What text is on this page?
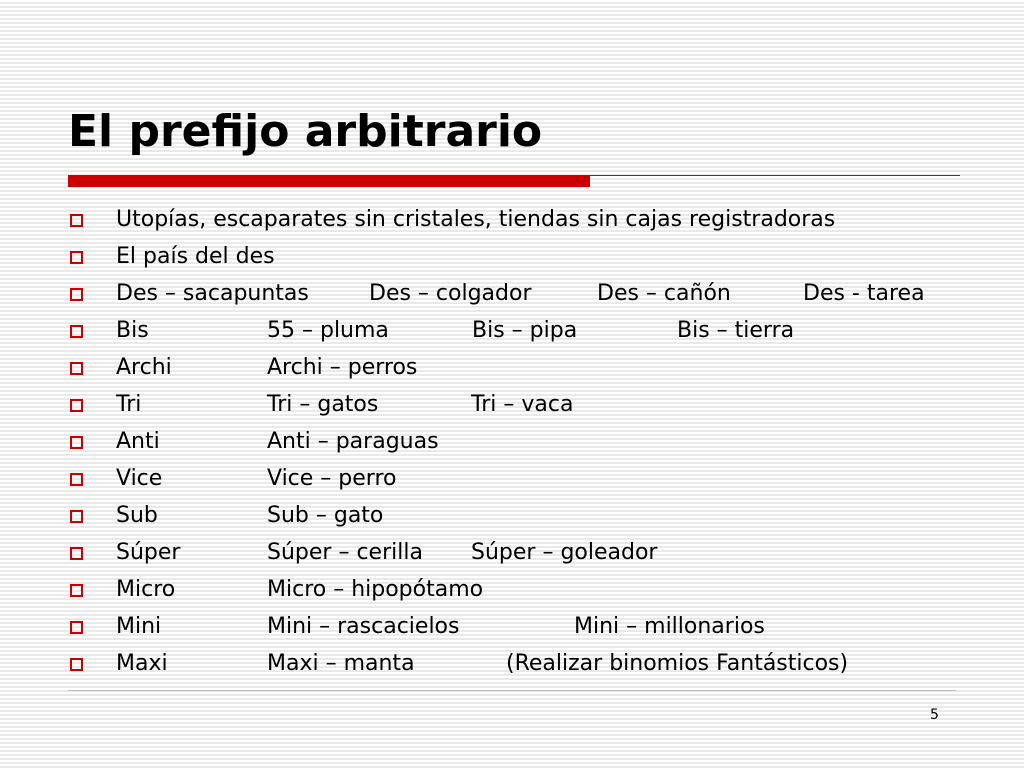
El prefijo arbitrario
Utopías, escaparates sin cristales, tiendas sin cajas registradoras
El país del des
Des – sacapuntas	Des – colgador	Des – cañón	Des - tarea
Bis	55 – pluma	Bis – pipa	Bis – tierra
Archi	Archi – perros
Tri	Tri – gatos	Tri – vaca
Anti	Anti – paraguas
Vice	Vice – perro
Sub	Sub – gato
Súper	Súper – cerilla Súper – goleador
Micro	Micro – hipopótamo
Mini	Mini – rascacielos	Mini – millonarios
Maxi	Maxi – manta	(Realizar binomios Fantásticos)
5
